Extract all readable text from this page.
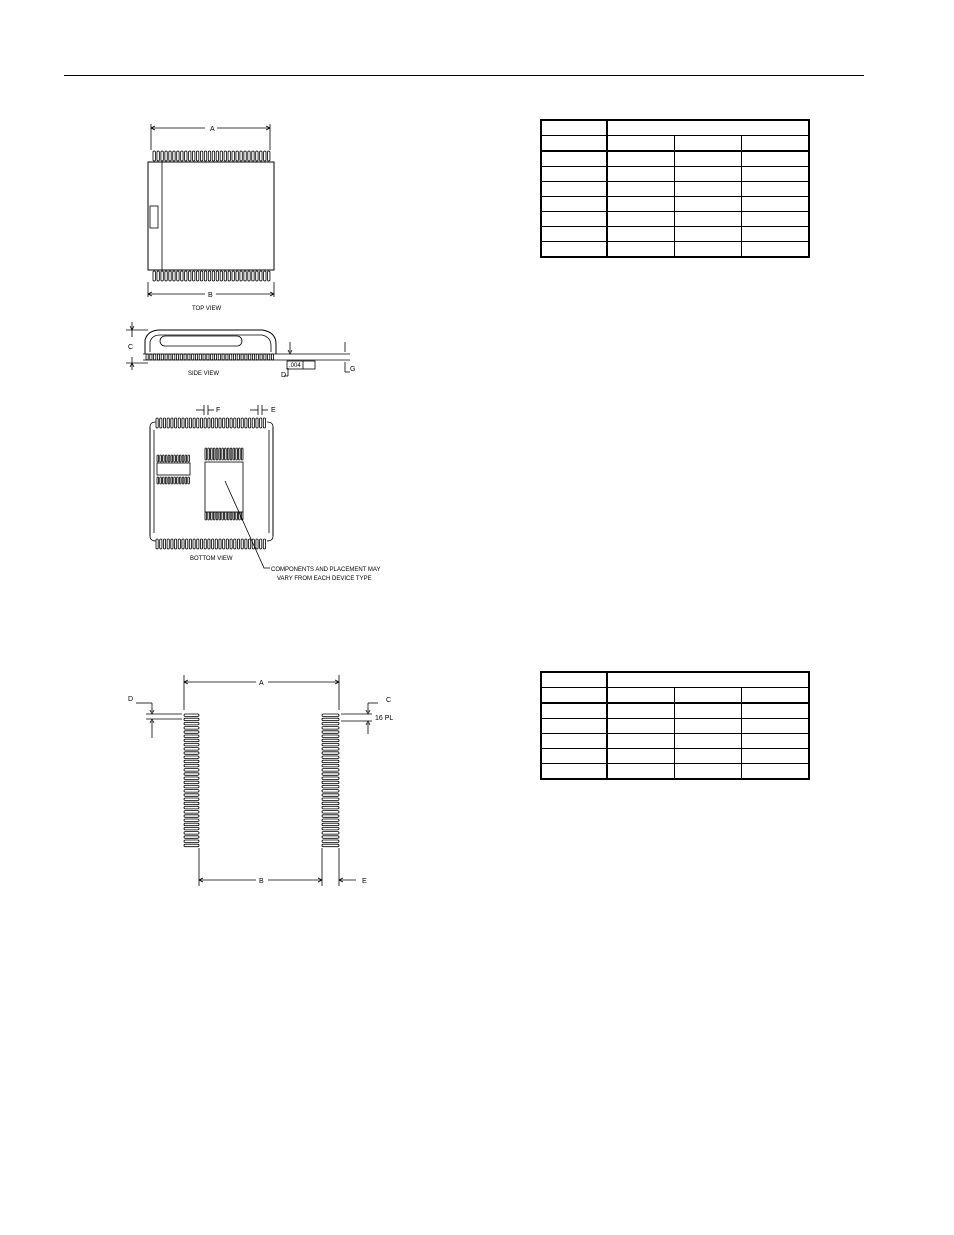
A
B
TOP VIEW
C
.004
D
G
SIDE VIEW
F	E
BOTTOM VIEW
COMPONENTS AND PLACEMENT MAY
VARY FROM EACH DEVICE TYPE
A
D	C
16 PL
B	E
